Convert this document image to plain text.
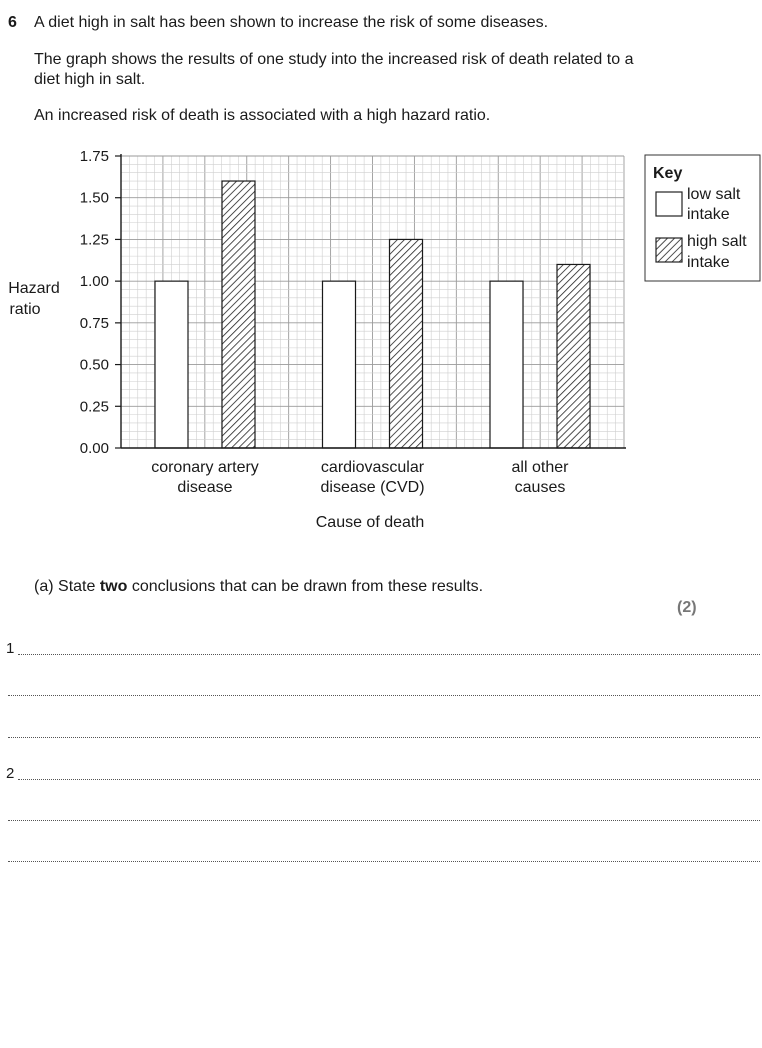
6 A diet high in salt has been shown to increase the risk of some diseases.
The graph shows the results of one study into the increased risk of death related to a
diet high in salt.
An increased risk of death is associated with a high hazard ratio.
0.00
0.25
0.50
0.75
1.00
1.25
1.50
1.75
coronary artery
disease
cardiovascular
disease (CVD)
all other
causes
Hazard
ratio
Cause of death
Key
low salt
intake
high salt
intake
(a) State two conclusions that can be drawn from these results.
(2)
1
2
